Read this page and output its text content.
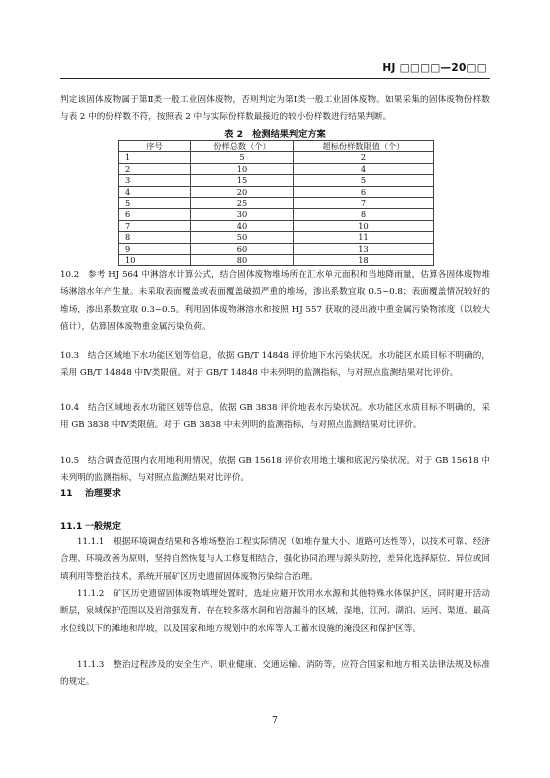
HJ □□□□—20□□
判定该固体废物属于第Ⅱ类一般工业固体废物，否则判定为第Ⅰ类一般工业固体废物。如果采集的固体废物份样数与表 2 中的份样数不符，按照表 2 中与实际份样数最接近的较小份样数进行结果判断。
表 2　检测结果判定方案
序号	份样总数（个）	超标份样数限值（个）
1	5	2
2	10	4
3	15	5
4	20	6
5	25	7
6	30	8
7	40	10
8	50	11
9	60	13
10	80	18
10.2　参考 HJ 564 中淋溶水计算公式，结合固体废物堆场所在汇水单元面积和当地降雨量，估算各固体废物堆场淋溶水年产生量。未采取表面覆盖或表面覆盖破损严重的堆场，渗出系数宜取 0.5~0.8；表面覆盖情况较好的堆场，渗出系数宜取 0.3~0.5。利用固体废物淋溶水和按照 HJ 557 获取的浸出液中重金属污染物浓度（以较大值计），估算固体废物重金属污染负荷。
10.3　结合区域地下水功能区划等信息，依据 GB/T 14848 评价地下水污染状况。水功能区水质目标不明确的，采用 GB/T 14848 中Ⅳ类限值。对于 GB/T 14848 中未列明的监测指标，与对照点监测结果对比评价。
10.4　结合区域地表水功能区划等信息，依据 GB 3838 评价地表水污染状况。水功能区水质目标不明确的，采用 GB 3838 中Ⅳ类限值。对于 GB 3838 中未列明的监测指标，与对照点监测结果对比评价。
10.5　结合调查范围内农用地利用情况，依据 GB 15618 评价农用地土壤和底泥污染状况。对于 GB 15618 中未列明的监测指标，与对照点监测结果对比评价。
11 治理要求
11.1 一般规定
11.1.1　根据环境调查结果和各堆场整治工程实际情况（如堆存量大小、道路可达性等），以技术可靠、经济合理、环境改善为原则，坚持自然恢复与人工修复相结合，强化协同治理与源头防控，差异化选择原位、异位或回填利用等整治技术，系统开展矿区历史遗留固体废物污染综合治理。
11.1.2　矿区历史遗留固体废物填埋处置时，选址应避开饮用水水源和其他特殊水体保护区，同时避开活动断层，泉域保护范围以及岩溶强发育、存在较多落水洞和岩溶漏斗的区域，湿地，江河、湖泊、运河、渠道、最高水位线以下的滩地和岸坡，以及国家和地方规划中的水库等人工蓄水设施的淹没区和保护区等。
11.1.3　整治过程涉及的安全生产、职业健康、交通运输、消防等，应符合国家和地方相关法律法规及标准的规定。
7
